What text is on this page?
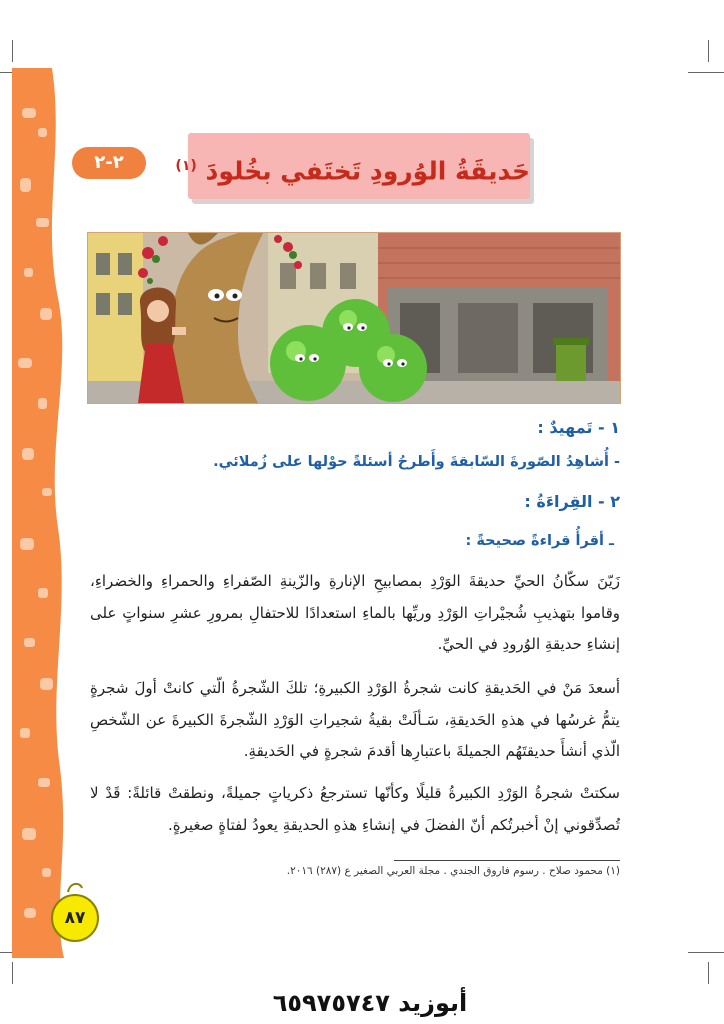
٢-٢	حَديقَةُ الوُرودِ تَختَفي بخُلودَ $^{(١)}$
١ - تَمهيدٌ :
- أُشاهِدُ الصّورةَ السّابقةَ وأَطرحُ أسئلةً حوْلها على زُملائي.
٢ - القِراءَةُ :
ـ أقرأُ قراءةً صحيحةً :
زَيّنَ سكّانُ الحيِّ حديقةَ الوَرْدِ بمصابيحِ الإنارةِ والزّينةِ الصّفراءِ والحمراءِ والخضراءِ، وقاموا بتهذيبِ شُجيْراتِ الوَرْدِ وريِّها بالماءِ استعدادًا للاحتفالِ بمرورِ عشرِ سنواتٍ على إنشاءِ حديقةِ الوُرودِ في الحيِّ.
أسعدَ مَنْ في الحَديقةِ كانت شجرةُ الوَرْدِ الكبيرةِ؛ تلكَ الشّجرةُ الّتي كانتْ أولَ شجرةٍ يتمُّ غرسُها في هذهِ الحَديقةِ، سَـألَتْ بقيةُ شجيراتِ الوَرْدِ الشّجرةَ الكبيرةَ عن الشّخصِ الّذي أنشأَ حديقتَهُم الجميلةَ باعتبارِها أقدمَ شجرةٍ في الحَديقةِ.
سكتتْ شجرةُ الوَرْدِ الكبيرةُ قليلًا وكأنّها تسترجعُ ذكرياتٍ جميلةً، ونطقتْ قائلةً: قَدْ لا تُصدِّقوني إنْ أخبرتُكم أنّ الفضلَ في إنشاءِ هذهِ الحديقةِ يعودُ لفتاةٍ صغيرةٍ.
(١) محمود صلاح . رسوم فاروق الجندي . مجلة العربي الصغير ع (٢٨٧) ٢٠١٦.
٨٧
أبوزيد ٦٥٩٧٥٧٤٧
